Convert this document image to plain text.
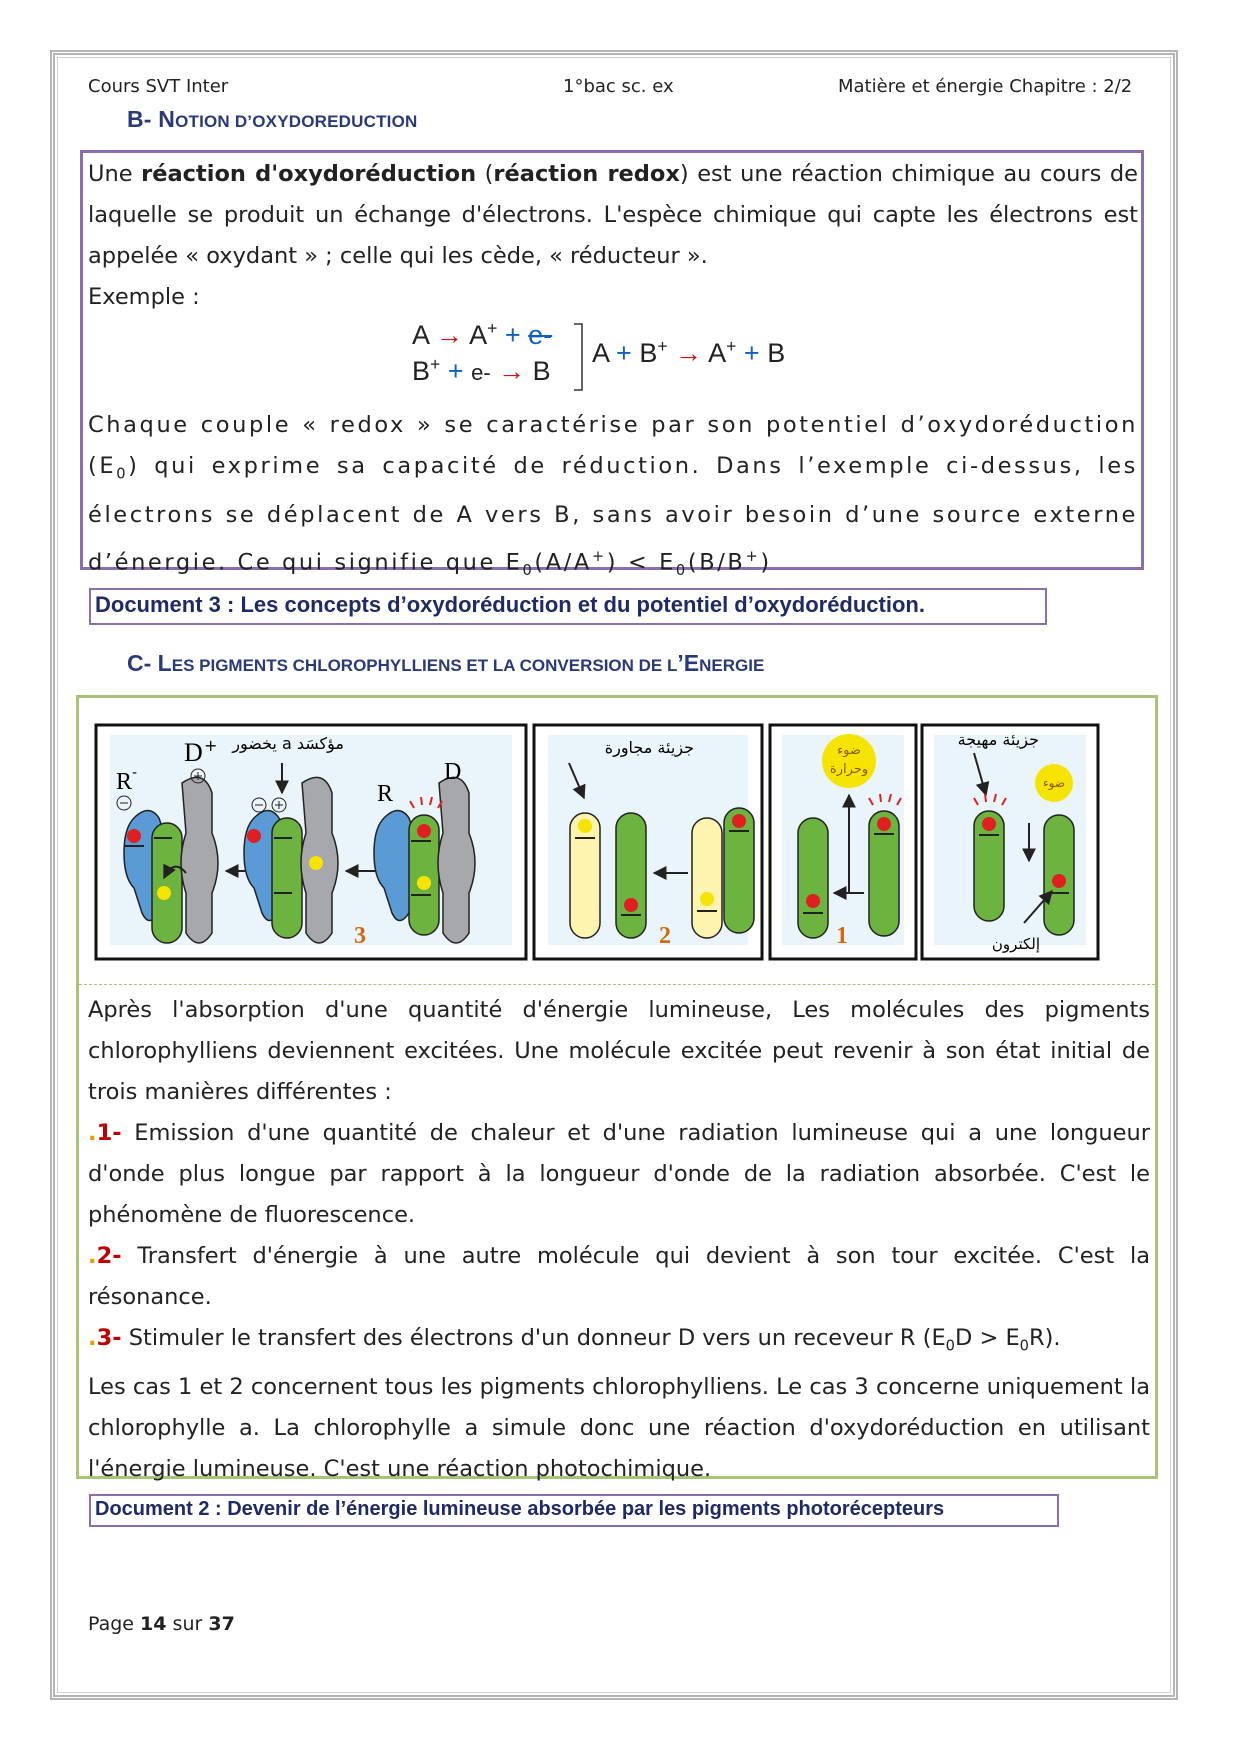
Cours SVT Inter	1°bac sc. ex	Matière et énergie Chapitre : 2/2
B- NOTION D’OXYDOREDUCTION
Une réaction d'oxydoréduction (réaction redox) est une réaction chimique au cours de laquelle se produit un échange d'électrons. L'espèce chimique qui capte les électrons est appelée « oxydant » ; celle qui les cède, « réducteur ».
Exemple :
A → A+ + e-
B+ + e- → B
A + B+ → A+ + B
Chaque couple « redox » se caractérise par son potentiel d’oxydoréduction $(E_0)$ qui exprime sa capacité de réduction. Dans l’exemple ci-dessus, les électrons se déplacent de A vers B, sans avoir besoin d’une source externe d’énergie. Ce qui signifie que $E_0(A/A^+) < E_0(B/B^+)$
Document 3 : Les concepts d’oxydoréduction et du potentiel d’oxydoréduction.
C- LES PIGMENTS CHLOROPHYLLIENS ET LA CONVERSION DE L’ENERGIE
R -
D + يخضور a مؤكسَد
R
D
3
جزيئة مجاورة
2
ضوء
وحرارة
1
جزيئة مهيجة
ضوء
إلكترون
Après l'absorption d'une quantité d'énergie lumineuse, Les molécules des pigments chlorophylliens deviennent excitées. Une molécule excitée peut revenir à son état initial de trois manières différentes :
.1- Emission d'une quantité de chaleur et d'une radiation lumineuse qui a une longueur d'onde plus longue par rapport à la longueur d'onde de la radiation absorbée. C'est le phénomène de fluorescence.
.2- Transfert d'énergie à une autre molécule qui devient à son tour excitée. C'est la résonance.
.3- Stimuler le transfert des électrons d'un donneur D vers un receveur R $(E_0D > E_0R)$.
Les cas 1 et 2 concernent tous les pigments chlorophylliens. Le cas 3 concerne uniquement la chlorophylle a. La chlorophylle a simule donc une réaction d'oxydoréduction en utilisant l'énergie lumineuse. C'est une réaction photochimique.
Document 2 : Devenir de l’énergie lumineuse absorbée par les pigments photorécepteurs
Page 14 sur 37
